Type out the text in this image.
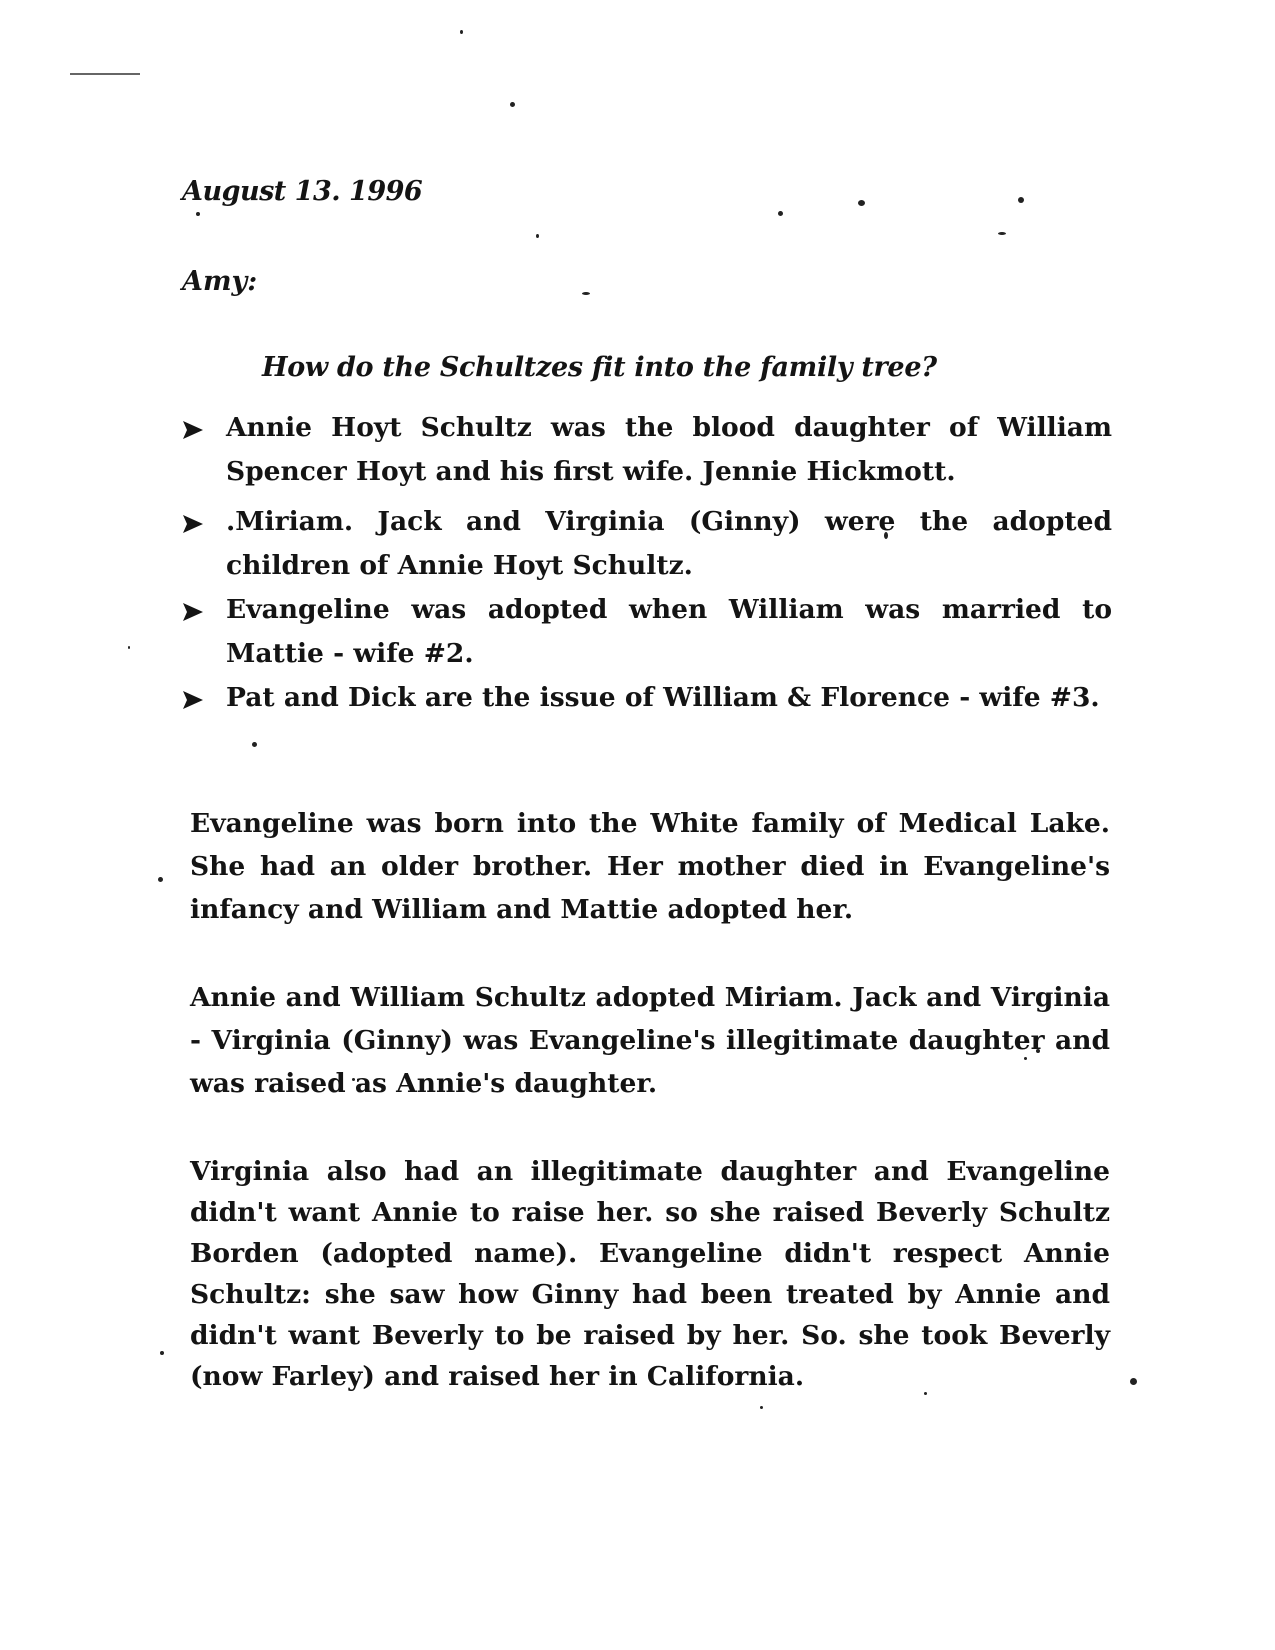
August 13. 1996
Amy:
How do the Schultzes fit into the family tree?
Annie Hoyt Schultz was the blood daughter of William Spencer Hoyt and his first wife. Jennie Hickmott.
.Miriam. Jack and Virginia (Ginny) were the adopted children of Annie Hoyt Schultz.
Evangeline was adopted when William was married to Mattie - wife #2.
Pat and Dick are the issue of William & Florence - wife #3.

Evangeline was born into the White family of Medical Lake. She had an older brother. Her mother died in Evangeline's infancy and William and Mattie adopted her.

Annie and William Schultz adopted Miriam. Jack and Virginia - Virginia (Ginny) was Evangeline's illegitimate daughter and was raised as Annie's daughter.

Virginia also had an illegitimate daughter and Evangeline didn't want Annie to raise her. so she raised Beverly Schultz Borden (adopted name). Evangeline didn't respect Annie Schultz: she saw how Ginny had been treated by Annie and didn't want Beverly to be raised by her. So. she took Beverly (now Farley) and raised her in California.
